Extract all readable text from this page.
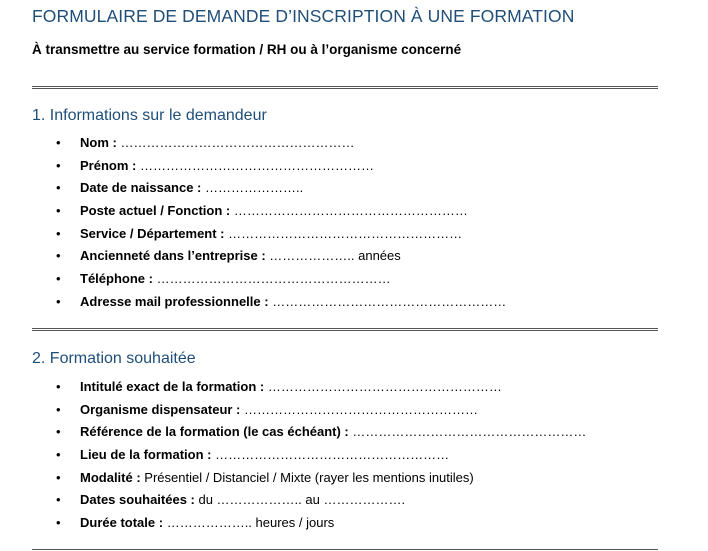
FORMULAIRE DE DEMANDE D’INSCRIPTION À UNE FORMATION
À transmettre au service formation / RH ou à l’organisme concerné
1. Informations sur le demandeur
• Nom : ………………………………………………
• Prénom : ………………………………………………
• Date de naissance : …………………..
• Poste actuel / Fonction : ………………………………………………
• Service / Département : ………………………………………………
• Ancienneté dans l’entreprise : ……………….. années
• Téléphone : ………………………………………………
• Adresse mail professionnelle : ………………………………………………
2. Formation souhaitée
• Intitulé exact de la formation : ………………………………………………
• Organisme dispensateur : ………………………………………………
• Référence de la formation (le cas échéant) : ………………………………………………
• Lieu de la formation : ………………………………………………
• Modalité : Présentiel / Distanciel / Mixte (rayer les mentions inutiles)
• Dates souhaitées : du ……………….. au ……………….
• Durée totale : ……………….. heures / jours
